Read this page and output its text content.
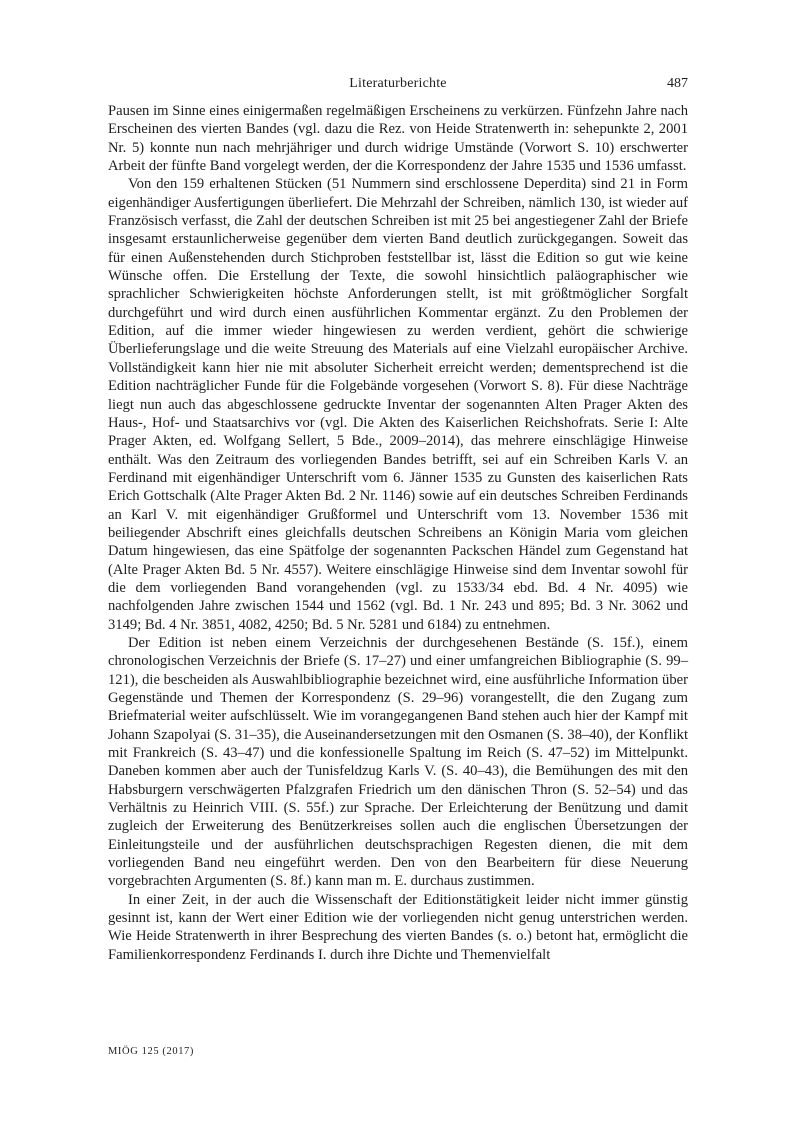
Literaturberichte	487

Pausen im Sinne eines einigermaßen regelmäßigen Erscheinens zu verkürzen. Fünfzehn Jahre nach Erscheinen des vierten Bandes (vgl. dazu die Rez. von Heide Stratenwerth in: sehepunkte 2, 2001 Nr. 5) konnte nun nach mehrjähriger und durch widrige Umstände (Vorwort S. 10) erschwerter Arbeit der fünfte Band vorgelegt werden, der die Korrespondenz der Jahre 1535 und 1536 umfasst.

Von den 159 erhaltenen Stücken (51 Nummern sind erschlossene Deperdita) sind 21 in Form eigenhändiger Ausfertigungen überliefert. Die Mehrzahl der Schreiben, nämlich 130, ist wieder auf Französisch verfasst, die Zahl der deutschen Schreiben ist mit 25 bei angestiegener Zahl der Briefe insgesamt erstaunlicherweise gegenüber dem vierten Band deutlich zurückgegangen. Soweit das für einen Außenstehenden durch Stichproben feststellbar ist, lässt die Edition so gut wie keine Wünsche offen. Die Erstellung der Texte, die sowohl hinsichtlich paläographischer wie sprachlicher Schwierigkeiten höchste Anforderungen stellt, ist mit größtmöglicher Sorgfalt durchgeführt und wird durch einen ausführlichen Kommentar ergänzt. Zu den Problemen der Edition, auf die immer wieder hingewiesen zu werden verdient, gehört die schwierige Überlieferungslage und die weite Streuung des Materials auf eine Vielzahl europäischer Archive. Vollständigkeit kann hier nie mit absoluter Sicherheit erreicht werden; dementsprechend ist die Edition nachträglicher Funde für die Folgebände vorgesehen (Vorwort S. 8). Für diese Nachträge liegt nun auch das abgeschlossene gedruckte Inventar der sogenannten Alten Prager Akten des Haus-, Hof- und Staatsarchivs vor (vgl. Die Akten des Kaiserlichen Reichshofrats. Serie I: Alte Prager Akten, ed. Wolfgang Sellert, 5 Bde., 2009–2014), das mehrere einschlägige Hinweise enthält. Was den Zeitraum des vorliegenden Bandes betrifft, sei auf ein Schreiben Karls V. an Ferdinand mit eigenhändiger Unterschrift vom 6. Jänner 1535 zu Gunsten des kaiserlichen Rats Erich Gottschalk (Alte Prager Akten Bd. 2 Nr. 1146) sowie auf ein deutsches Schreiben Ferdinands an Karl V. mit eigenhändiger Grußformel und Unterschrift vom 13. November 1536 mit beiliegender Abschrift eines gleichfalls deutschen Schreibens an Königin Maria vom gleichen Datum hingewiesen, das eine Spätfolge der sogenannten Packschen Händel zum Gegenstand hat (Alte Prager Akten Bd. 5 Nr. 4557). Weitere einschlägige Hinweise sind dem Inventar sowohl für die dem vorliegenden Band vorangehenden (vgl. zu 1533/34 ebd. Bd. 4 Nr. 4095) wie nachfolgenden Jahre zwischen 1544 und 1562 (vgl. Bd. 1 Nr. 243 und 895; Bd. 3 Nr. 3062 und 3149; Bd. 4 Nr. 3851, 4082, 4250; Bd. 5 Nr. 5281 und 6184) zu entnehmen.

Der Edition ist neben einem Verzeichnis der durchgesehenen Bestände (S. 15f.), einem chronologischen Verzeichnis der Briefe (S. 17–27) und einer umfangreichen Bibliographie (S. 99–121), die bescheiden als Auswahlbibliographie bezeichnet wird, eine ausführliche Information über Gegenstände und Themen der Korrespondenz (S. 29–96) vorangestellt, die den Zugang zum Briefmaterial weiter aufschlüsselt. Wie im vorangegangenen Band stehen auch hier der Kampf mit Johann Szapolyai (S. 31–35), die Auseinandersetzungen mit den Osmanen (S. 38–40), der Konflikt mit Frankreich (S. 43–47) und die konfessionelle Spaltung im Reich (S. 47–52) im Mittelpunkt. Daneben kommen aber auch der Tunisfeldzug Karls V. (S. 40–43), die Bemühungen des mit den Habsburgern verschwägerten Pfalzgrafen Friedrich um den dänischen Thron (S. 52–54) und das Verhältnis zu Heinrich VIII. (S. 55f.) zur Sprache. Der Erleichterung der Benützung und damit zugleich der Erweiterung des Benützerkreises sollen auch die englischen Übersetzungen der Einleitungsteile und der ausführlichen deutschsprachigen Regesten dienen, die mit dem vorliegenden Band neu eingeführt werden. Den von den Bearbeitern für diese Neuerung vorgebrachten Argumenten (S. 8f.) kann man m. E. durchaus zustimmen.

In einer Zeit, in der auch die Wissenschaft der Editionstätigkeit leider nicht immer günstig gesinnt ist, kann der Wert einer Edition wie der vorliegenden nicht genug unterstrichen werden. Wie Heide Stratenwerth in ihrer Besprechung des vierten Bandes (s. o.) betont hat, ermöglicht die Familienkorrespondenz Ferdinands I. durch ihre Dichte und Themenvielfalt

MIÖG 125 (2017)
